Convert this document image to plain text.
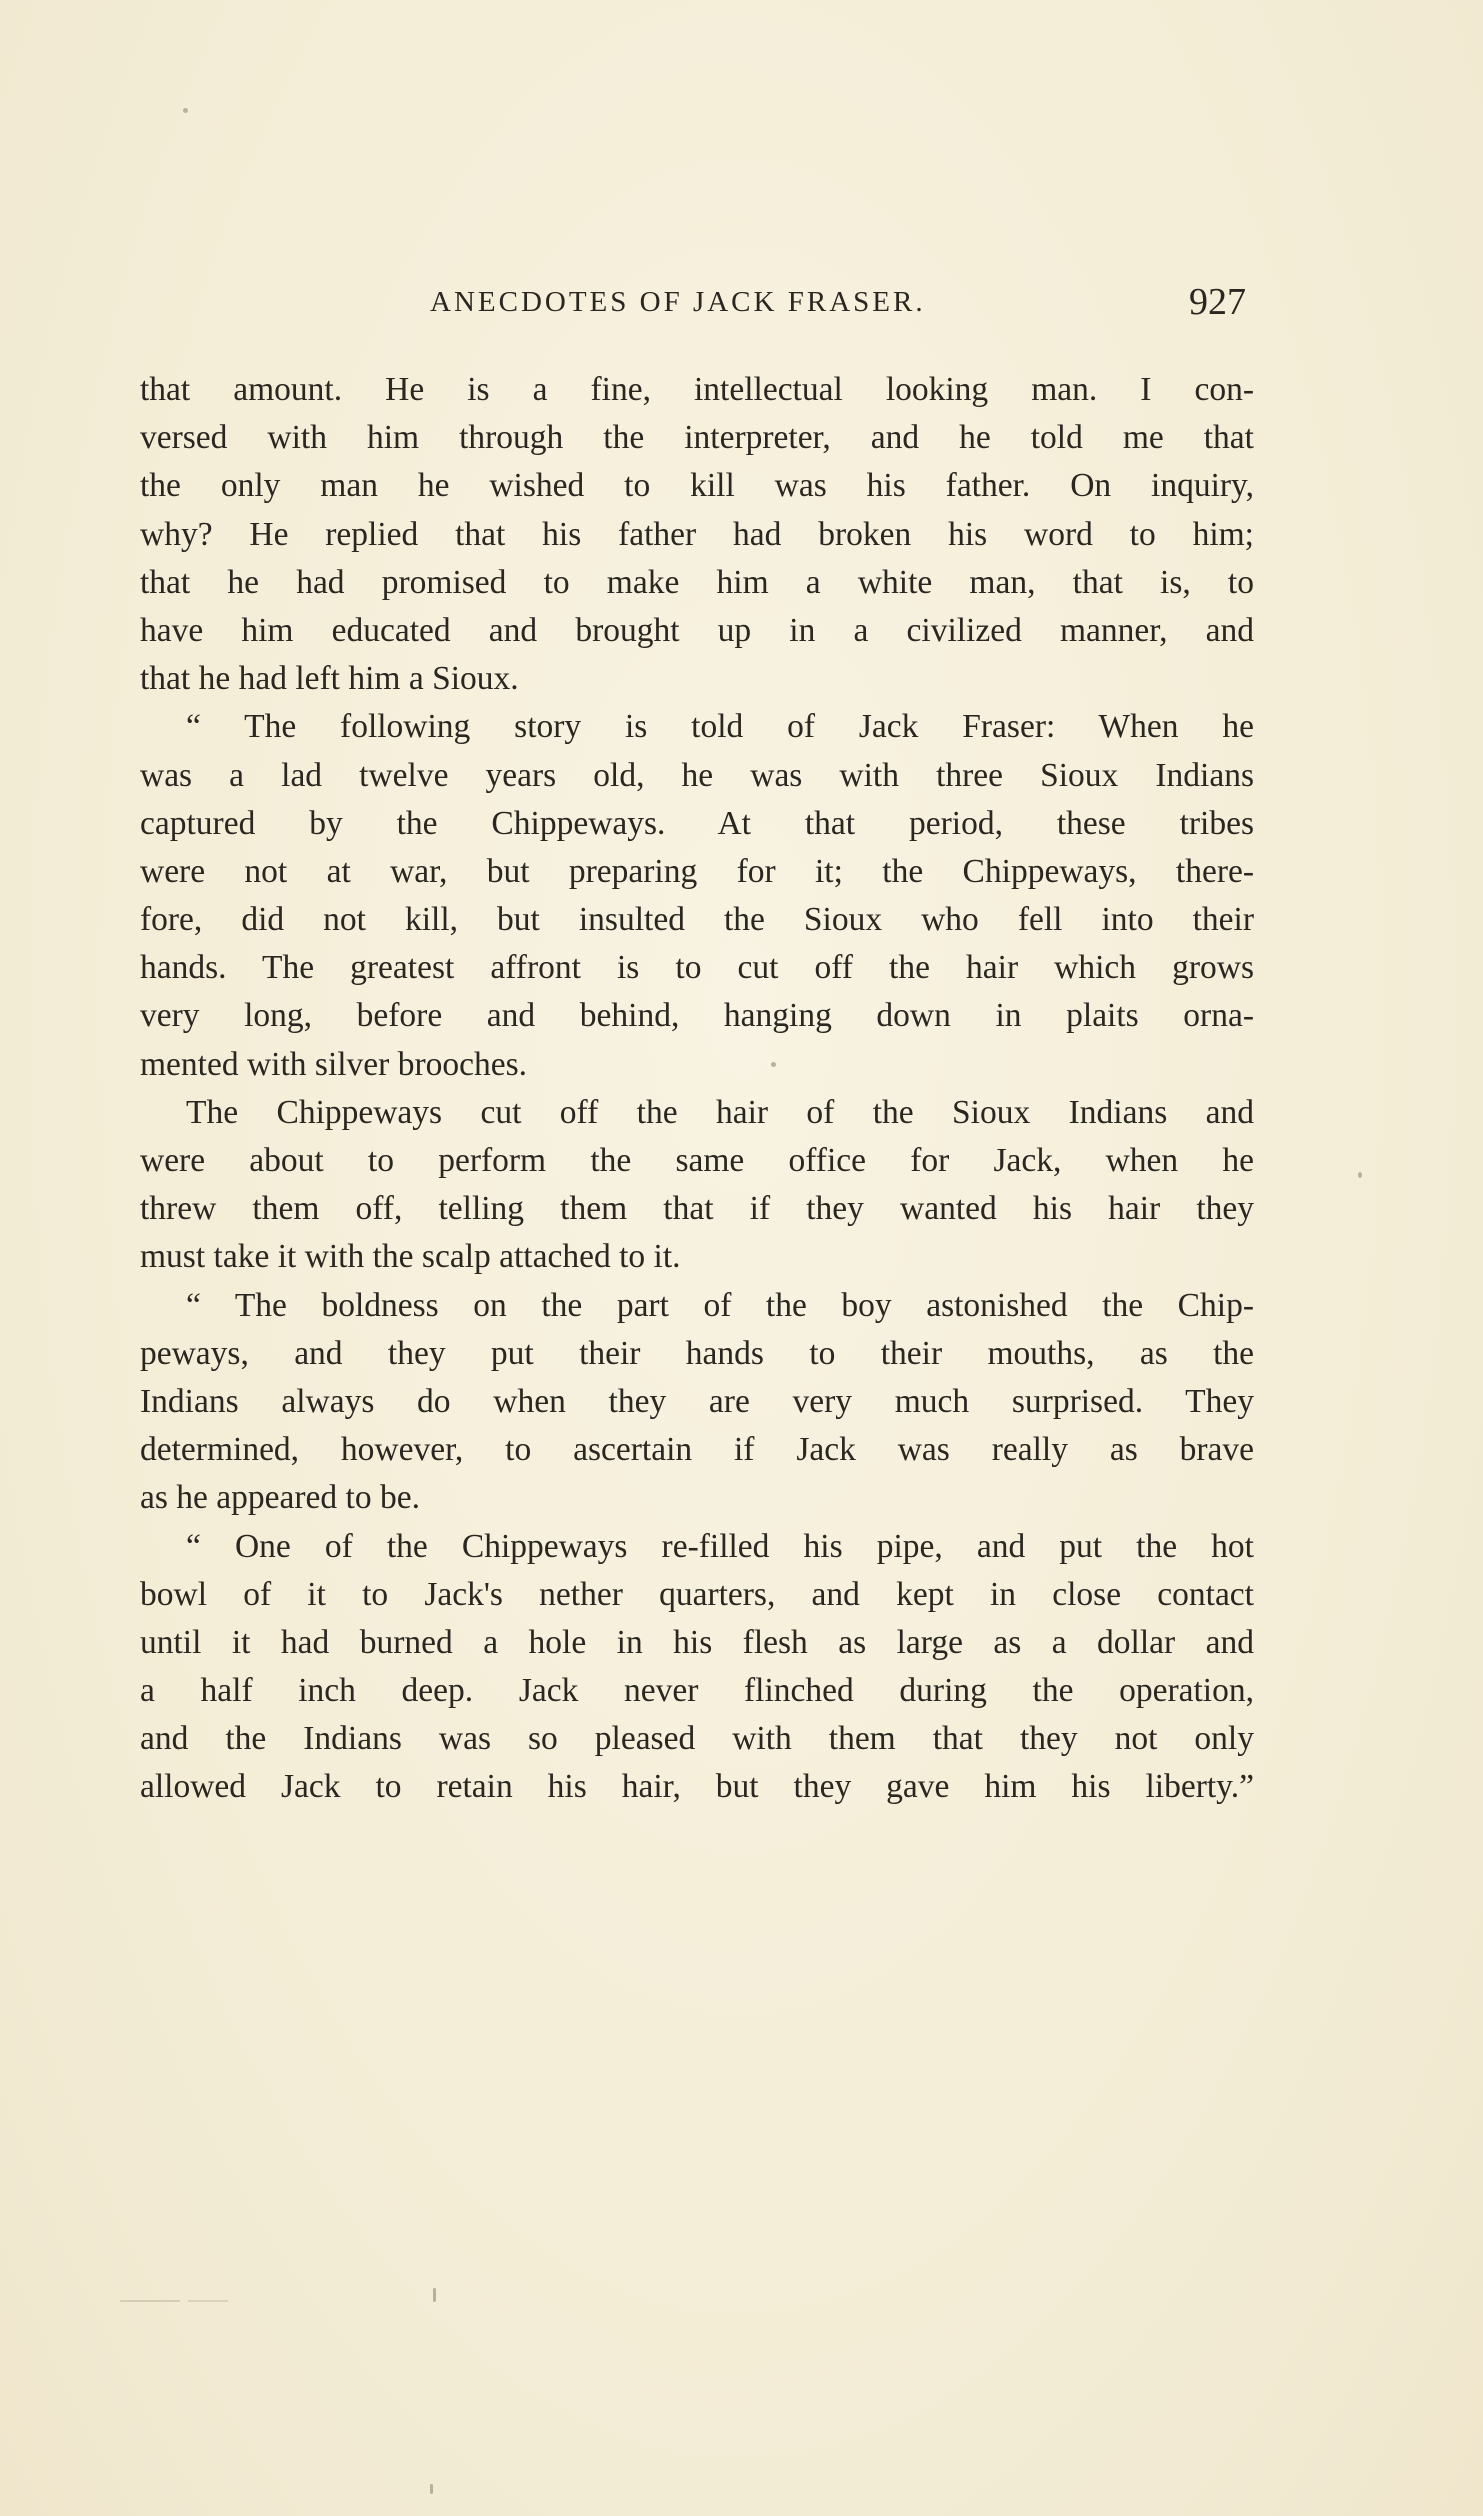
ANECDOTES OF JACK FRASER.	927
that amount. He is a fine, intellectual looking man. I con-
versed with him through the interpreter, and he told me that
the only man he wished to kill was his father. On inquiry,
why? He replied that his father had broken his word to him;
that he had promised to make him a white man, that is, to
have him educated and brought up in a civilized manner, and
that he had left him a Sioux.
“ The following story is told of Jack Fraser: When he
was a lad twelve years old, he was with three Sioux Indians
captured by the Chippeways. At that period, these tribes
were not at war, but preparing for it; the Chippeways, there-
fore, did not kill, but insulted the Sioux who fell into their
hands. The greatest affront is to cut off the hair which grows
very long, before and behind, hanging down in plaits orna-
mented with silver brooches.
The Chippeways cut off the hair of the Sioux Indians and
were about to perform the same office for Jack, when he
threw them off, telling them that if they wanted his hair they
must take it with the scalp attached to it.
“ The boldness on the part of the boy astonished the Chip-
peways, and they put their hands to their mouths, as the
Indians always do when they are very much surprised. They
determined, however, to ascertain if Jack was really as brave
as he appeared to be.
“ One of the Chippeways re-filled his pipe, and put the hot
bowl of it to Jack's nether quarters, and kept in close contact
until it had burned a hole in his flesh as large as a dollar and
a half inch deep. Jack never flinched during the operation,
and the Indians was so pleased with them that they not only
allowed Jack to retain his hair, but they gave him his liberty.”
